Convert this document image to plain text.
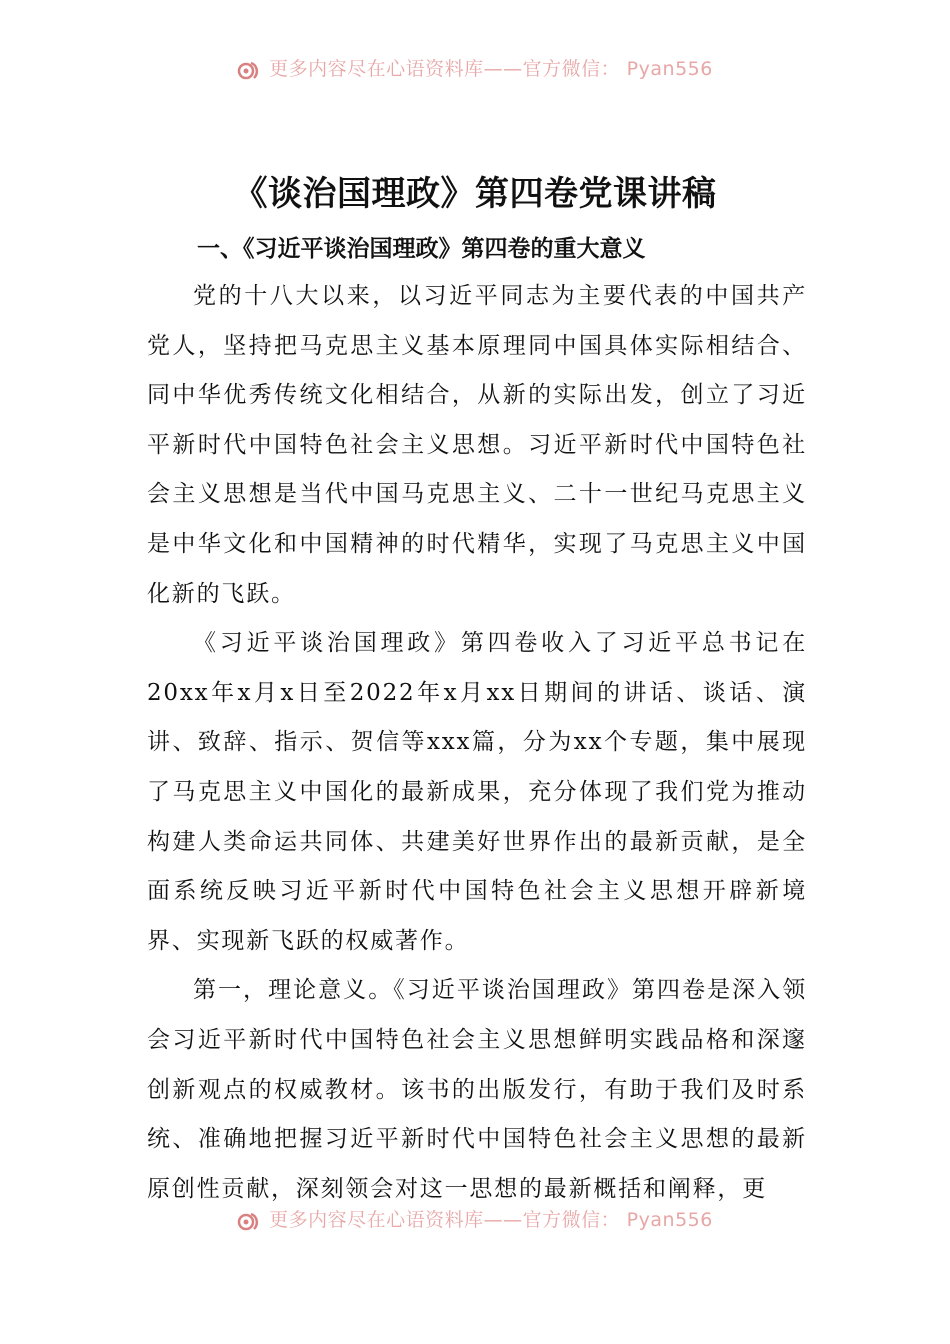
更多内容尽在心语资料库——官方微信： Pyan556
《谈治国理政》第四卷党课讲稿
一、《习近平谈治国理政》第四卷的重大意义

党的十八大以来，以习近平同志为主要代表的中国共产党人，坚持把马克思主义基本原理同中国具体实际相结合、同中华优秀传统文化相结合，从新的实际出发，创立了习近平新时代中国特色社会主义思想。习近平新时代中国特色社会主义思想是当代中国马克思主义、二十一世纪马克思主义是中华文化和中国精神的时代精华，实现了马克思主义中国化新的飞跃。

《习近平谈治国理政》第四卷收入了习近平总书记在20xx年x月x日至2022年x月xx日期间的讲话、谈话、演讲、致辞、指示、贺信等xxx篇，分为xx个专题，集中展现了马克思主义中国化的最新成果，充分体现了我们党为推动构建人类命运共同体、共建美好世界作出的最新贡献，是全面系统反映习近平新时代中国特色社会主义思想开辟新境界、实现新飞跃的权威著作。

第一，理论意义。《习近平谈治国理政》第四卷是深入领会习近平新时代中国特色社会主义思想鲜明实践品格和深邃创新观点的权威教材。该书的出版发行，有助于我们及时系统、准确地把握习近平新时代中国特色社会主义思想的最新原创性贡献，深刻领会对这一思想的最新概括和阐释，更

更多内容尽在心语资料库——官方微信： Pyan556
